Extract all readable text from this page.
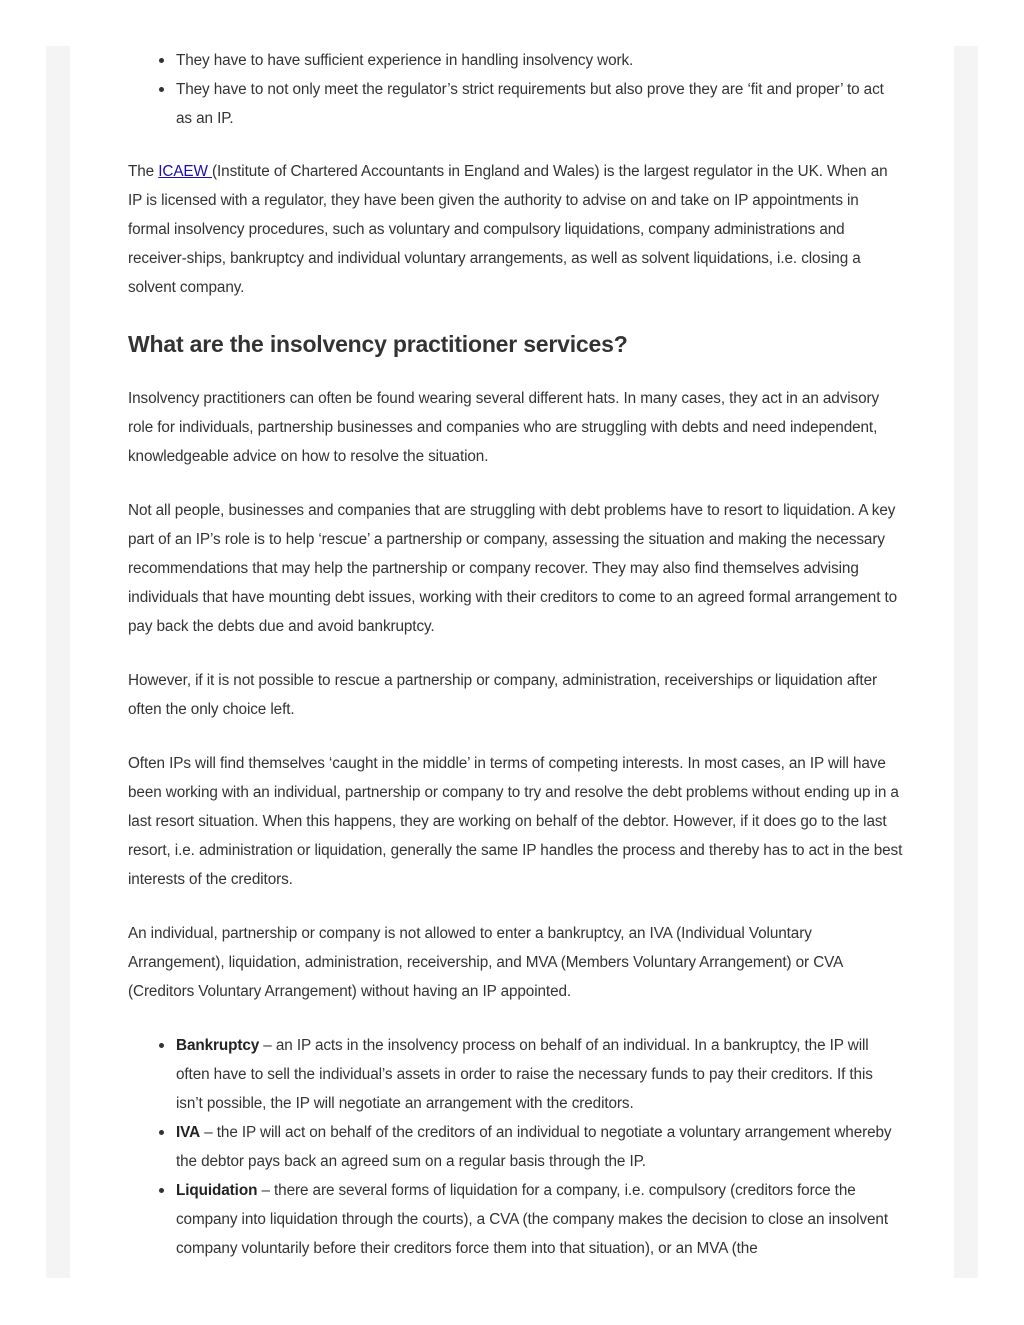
They have to have sufficient experience in handling insolvency work.
They have to not only meet the regulator’s strict requirements but also prove they are ‘fit and proper’ to act as an IP.

The ICAEW (Institute of Chartered Accountants in England and Wales) is the largest regulator in the UK. When an IP is licensed with a regulator, they have been given the authority to advise on and take on IP appointments in formal insolvency procedures, such as voluntary and compulsory liquidations, company administrations and receiver-ships, bankruptcy and individual voluntary arrangements, as well as solvent liquidations, i.e. closing a solvent company.

What are the insolvency practitioner services?

Insolvency practitioners can often be found wearing several different hats. In many cases, they act in an advisory role for individuals, partnership businesses and companies who are struggling with debts and need independent, knowledgeable advice on how to resolve the situation.

Not all people, businesses and companies that are struggling with debt problems have to resort to liquidation. A key part of an IP’s role is to help ‘rescue’ a partnership or company, assessing the situation and making the necessary recommendations that may help the partnership or company recover. They may also find themselves advising individuals that have mounting debt issues, working with their creditors to come to an agreed formal arrangement to pay back the debts due and avoid bankruptcy.

However, if it is not possible to rescue a partnership or company, administration, receiverships or liquidation after often the only choice left.

Often IPs will find themselves ‘caught in the middle’ in terms of competing interests. In most cases, an IP will have been working with an individual, partnership or company to try and resolve the debt problems without ending up in a last resort situation. When this happens, they are working on behalf of the debtor. However, if it does go to the last resort, i.e. administration or liquidation, generally the same IP handles the process and thereby has to act in the best interests of the creditors.

An individual, partnership or company is not allowed to enter a bankruptcy, an IVA (Individual Voluntary Arrangement), liquidation, administration, receivership, and MVA (Members Voluntary Arrangement) or CVA (Creditors Voluntary Arrangement) without having an IP appointed.

Bankruptcy – an IP acts in the insolvency process on behalf of an individual. In a bankruptcy, the IP will often have to sell the individual’s assets in order to raise the necessary funds to pay their creditors. If this isn’t possible, the IP will negotiate an arrangement with the creditors.
IVA – the IP will act on behalf of the creditors of an individual to negotiate a voluntary arrangement whereby the debtor pays back an agreed sum on a regular basis through the IP.
Liquidation – there are several forms of liquidation for a company, i.e. compulsory (creditors force the company into liquidation through the courts), a CVA (the company makes the decision to close an insolvent company voluntarily before their creditors force them into that situation), or an MVA (the
